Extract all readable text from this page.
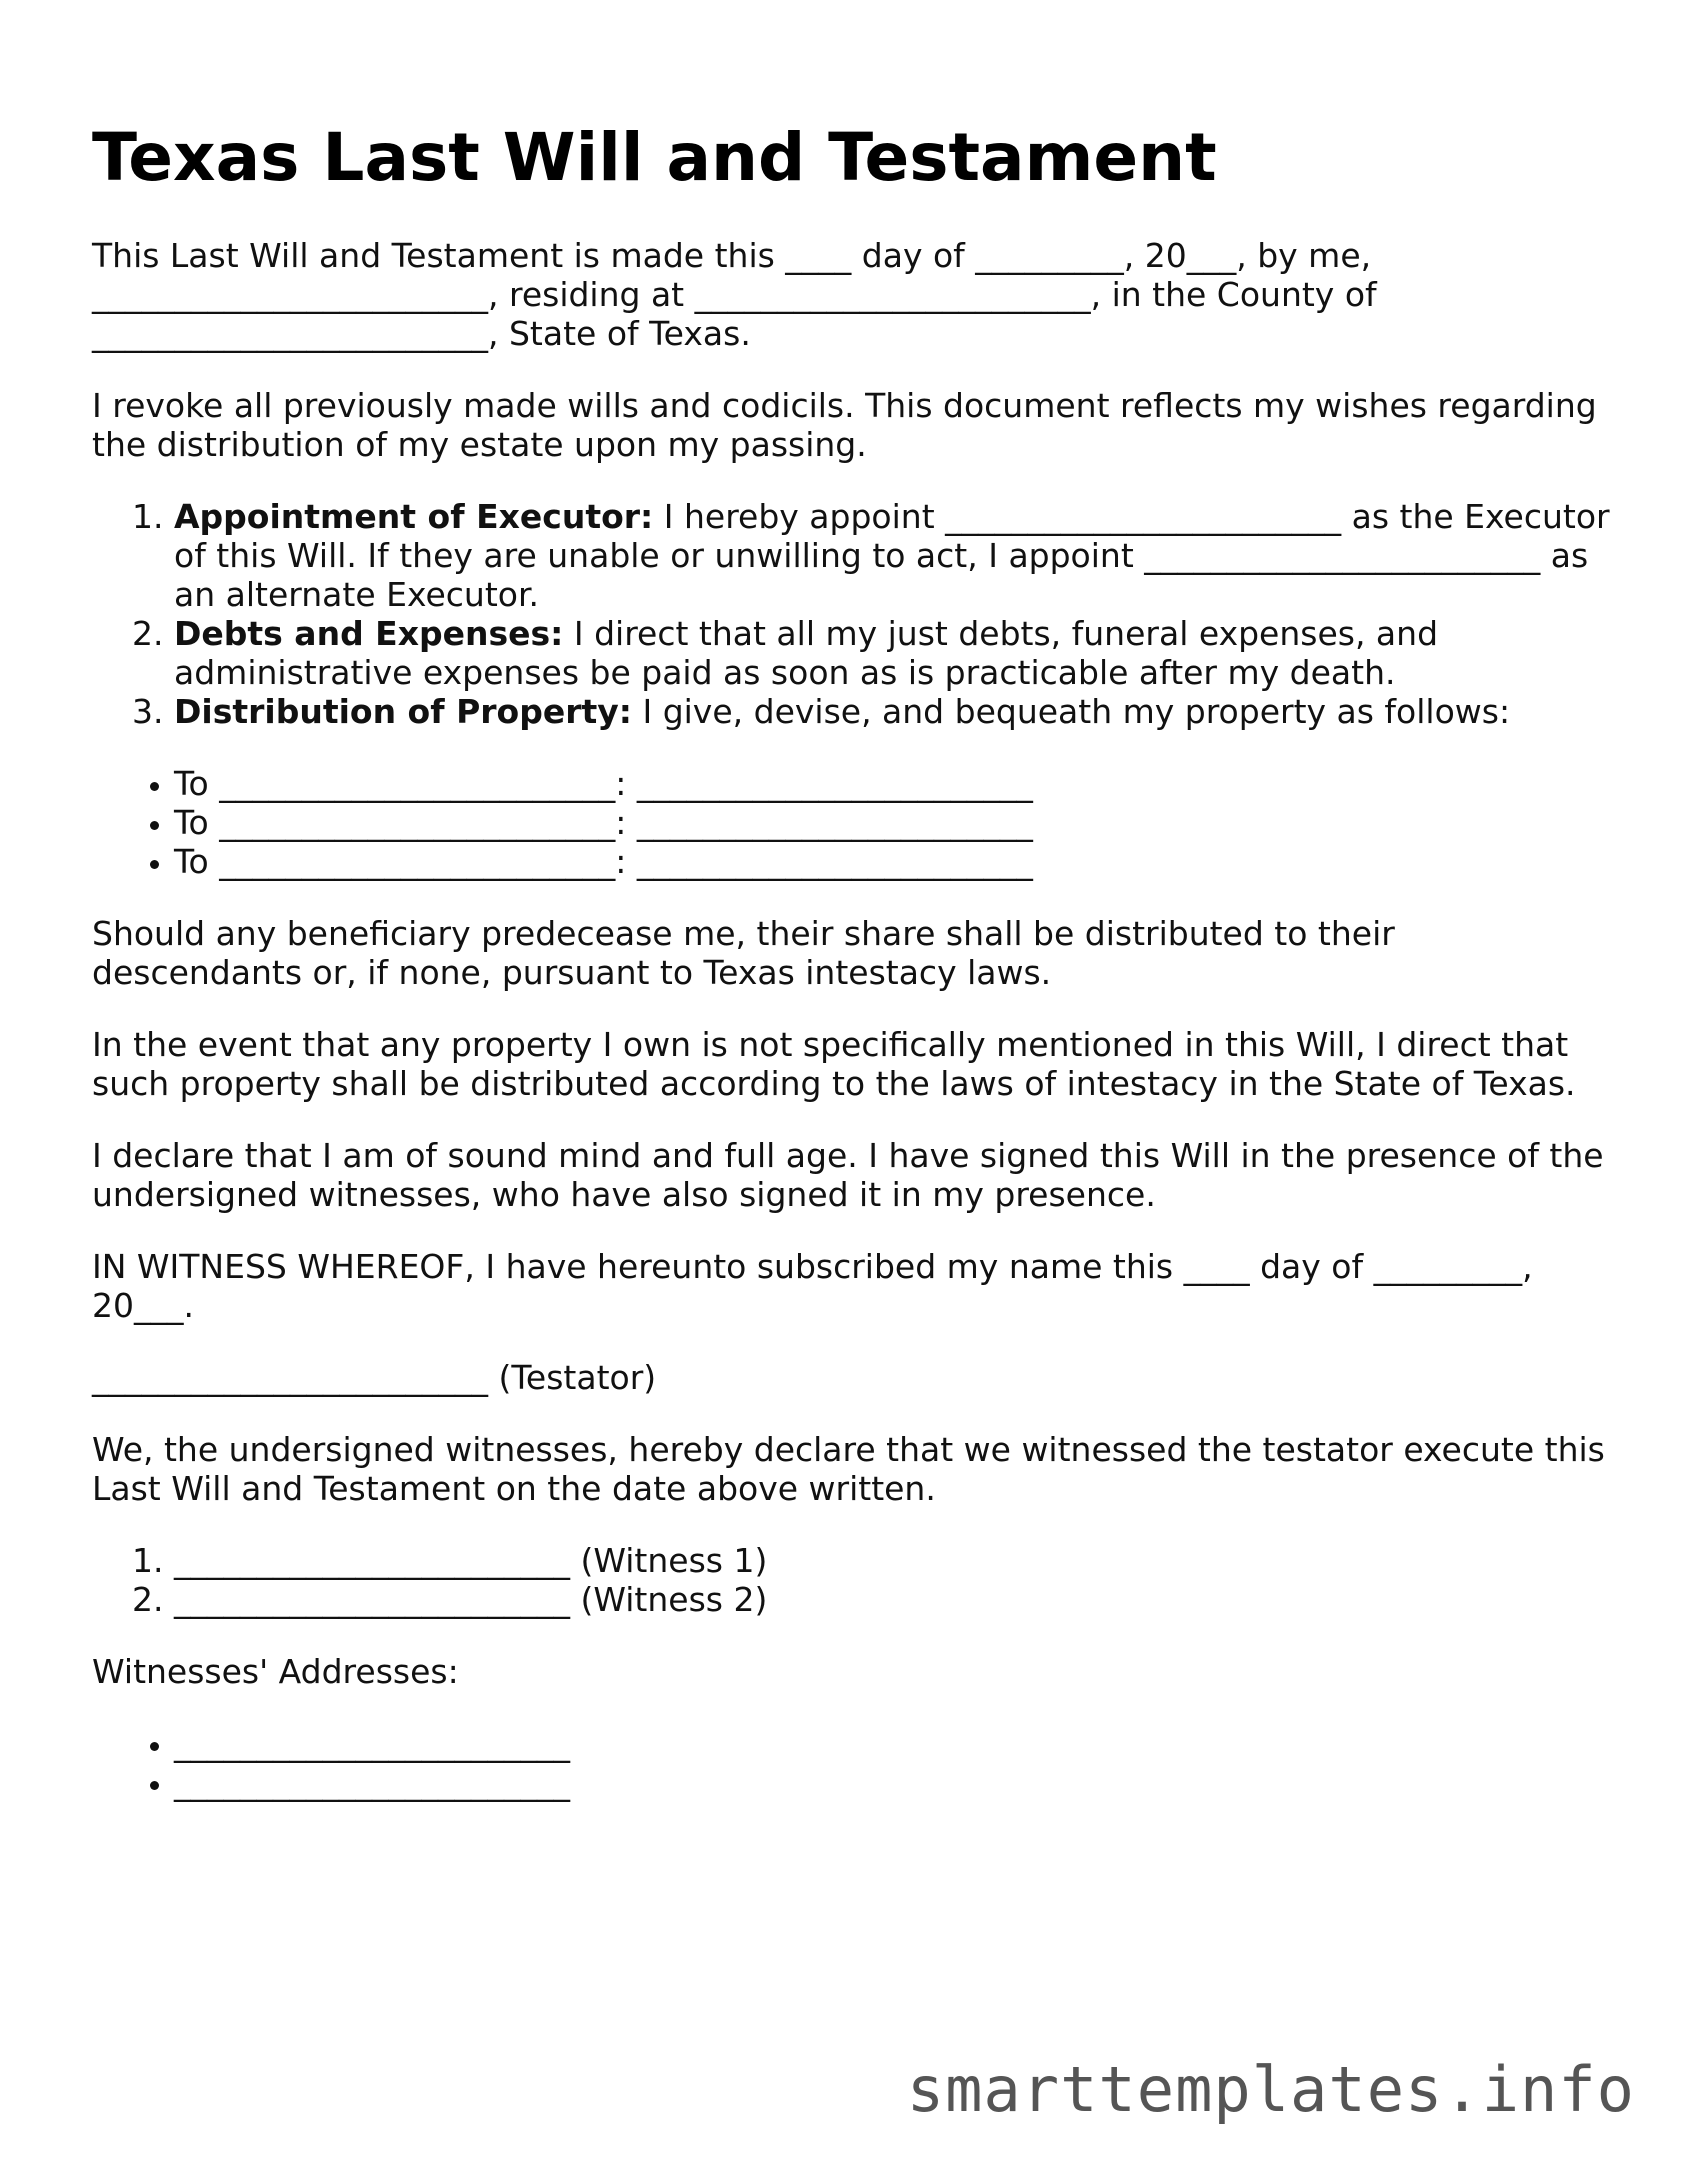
Texas Last Will and Testament

This Last Will and Testament is made this ____ day of _________, 20___, by me, ________________________, residing at ________________________, in the County of ________________________, State of Texas.

I revoke all previously made wills and codicils. This document reflects my wishes regarding the distribution of my estate upon my passing.

1. Appointment of Executor: I hereby appoint ________________________ as the Executor of this Will. If they are unable or unwilling to act, I appoint ________________________ as an alternate Executor.
2. Debts and Expenses: I direct that all my just debts, funeral expenses, and administrative expenses be paid as soon as is practicable after my death.
3. Distribution of Property: I give, devise, and bequeath my property as follows:
• To ________________________: ________________________
• To ________________________: ________________________
• To ________________________: ________________________

Should any beneficiary predecease me, their share shall be distributed to their descendants or, if none, pursuant to Texas intestacy laws.

In the event that any property I own is not specifically mentioned in this Will, I direct that such property shall be distributed according to the laws of intestacy in the State of Texas.

I declare that I am of sound mind and full age. I have signed this Will in the presence of the undersigned witnesses, who have also signed it in my presence.

IN WITNESS WHEREOF, I have hereunto subscribed my name this ____ day of _________, 20___.

________________________ (Testator)

We, the undersigned witnesses, hereby declare that we witnessed the testator execute this Last Will and Testament on the date above written.

1. ________________________ (Witness 1)
2. ________________________ (Witness 2)

Witnesses' Addresses:

• ________________________
• ________________________
smarttemplates.info
